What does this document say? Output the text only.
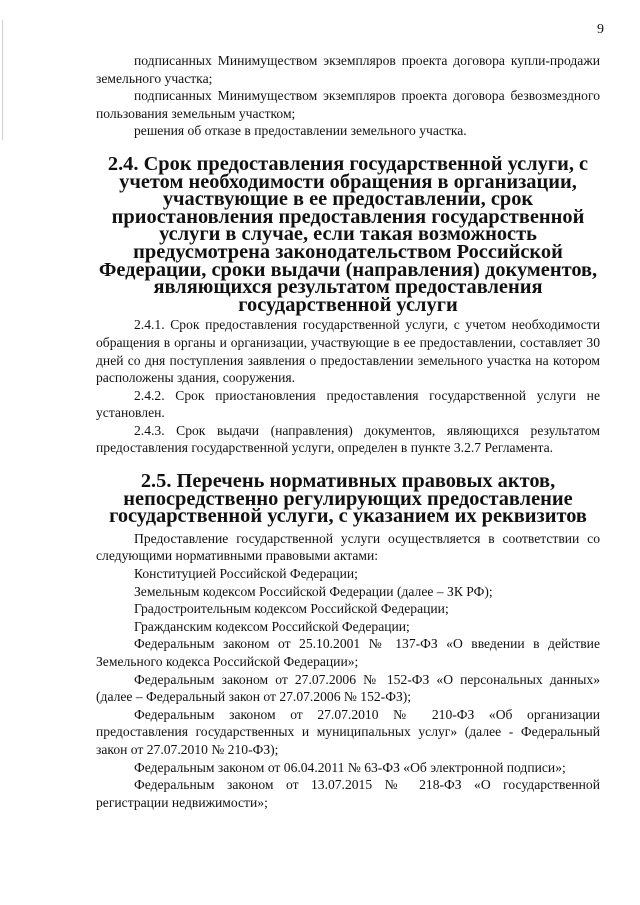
9

подписанных Минимуществом экземпляров проекта договора купли-продажи земельного участка;

подписанных Минимуществом экземпляров проекта договора безвозмездного пользования земельным участком;

решения об отказе в предоставлении земельного участка.

2.4. Срок предоставления государственной услуги, с учетом необходимости обращения в организации, участвующие в ее предоставлении, срок приостановления предоставления государственной услуги в случае, если такая возможность предусмотрена законодательством Российской Федерации, сроки выдачи (направления) документов, являющихся результатом предоставления государственной услуги

2.4.1. Срок предоставления государственной услуги, с учетом необходимости обращения в органы и организации, участвующие в ее предоставлении, составляет 30 дней со дня поступления заявления о предоставлении земельного участка на котором расположены здания, сооружения.

2.4.2. Срок приостановления предоставления государственной услуги не установлен.

2.4.3. Срок выдачи (направления) документов, являющихся результатом предоставления государственной услуги, определен в пункте 3.2.7 Регламента.

2.5. Перечень нормативных правовых актов, непосредственно регулирующих предоставление государственной услуги, с указанием их реквизитов

Предоставление государственной услуги осуществляется в соответствии со следующими нормативными правовыми актами:

Конституцией Российской Федерации;

Земельным кодексом Российской Федерации (далее – ЗК РФ);

Градостроительным кодексом Российской Федерации;

Гражданским кодексом Российской Федерации;

Федеральным законом от 25.10.2001 № 137-ФЗ «О введении в действие Земельного кодекса Российской Федерации»;

Федеральным законом от 27.07.2006 № 152-ФЗ «О персональных данных» (далее – Федеральный закон от 27.07.2006 № 152-ФЗ);

Федеральным законом от 27.07.2010 № 210-ФЗ «Об организации предоставления государственных и муниципальных услуг» (далее - Федеральный закон от 27.07.2010 № 210-ФЗ);

Федеральным законом от 06.04.2011 № 63-ФЗ «Об электронной подписи»;

Федеральным законом от 13.07.2015 № 218-ФЗ «О государственной регистрации недвижимости»;
